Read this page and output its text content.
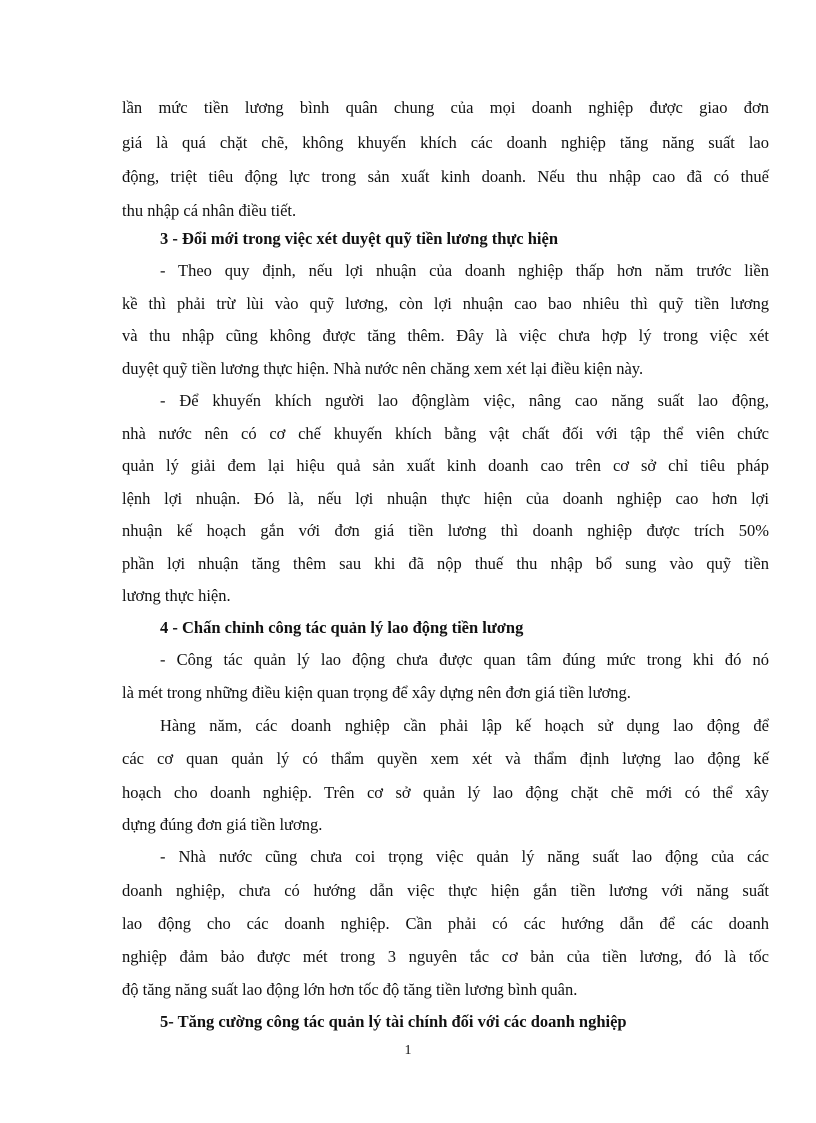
lần mức tiền lương bình quân chung của mọi doanh nghiệp được giao đơn
giá là quá chặt chẽ, không khuyến khích các doanh nghiệp tăng năng suất lao
động, triệt tiêu động lực trong sản xuất kinh doanh. Nếu thu nhập cao đã có thuế
thu nhập cá nhân điều tiết.
3 - Đổi mới trong việc xét duyệt quỹ tiền lương thực hiện
- Theo quy định, nếu lợi nhuận của doanh nghiệp thấp hơn năm trước liền
kề thì phải trừ lùi vào quỹ lương, còn lợi nhuận cao bao nhiêu thì quỹ tiền lương
và thu nhập cũng không được tăng thêm. Đây là việc chưa hợp lý trong việc xét
duyệt quỹ tiền lương thực hiện. Nhà nước nên chăng xem xét lại điều kiện này.
- Để khuyến khích người lao độnglàm việc, nâng cao năng suất lao động,
nhà nước nên có cơ chế khuyến khích bằng vật chất đối với tập thể viên chức
quản lý giải đem lại hiệu quả sản xuất kinh doanh cao trên cơ sở chỉ tiêu pháp
lệnh lợi nhuận. Đó là, nếu lợi nhuận thực hiện của doanh nghiệp cao hơn lợi
nhuận kế hoạch gắn với đơn giá tiền lương thì doanh nghiệp được trích 50%
phần lợi nhuận tăng thêm sau khi đã nộp thuế thu nhập bổ sung vào quỹ tiền
lương thực hiện.
4 - Chấn chỉnh công tác quản lý lao động tiền lương
- Công tác quản lý lao động chưa được quan tâm đúng mức trong khi đó nó
là mét trong những điều kiện quan trọng để xây dựng nên đơn giá tiền lương.
Hàng năm, các doanh nghiệp cần phải lập kế hoạch sử dụng lao động để
các cơ quan quản lý có thẩm quyền xem xét và thẩm định lượng lao động kế
hoạch cho doanh nghiệp. Trên cơ sở quản lý lao động chặt chẽ mới có thể xây
dựng đúng đơn giá tiền lương.
- Nhà nước cũng chưa coi trọng việc quản lý năng suất lao động của các
doanh nghiệp, chưa có hướng dẫn việc thực hiện gắn tiền lương với năng suất
lao động cho các doanh nghiệp. Cần phải có các hướng dẫn để các doanh
nghiệp đảm bảo được mét trong 3 nguyên tắc cơ bản của tiền lương, đó là tốc
độ tăng năng suất lao động lớn hơn tốc độ tăng tiền lương bình quân.
5- Tăng cường công tác quản lý tài chính đối với các doanh nghiệp
1
